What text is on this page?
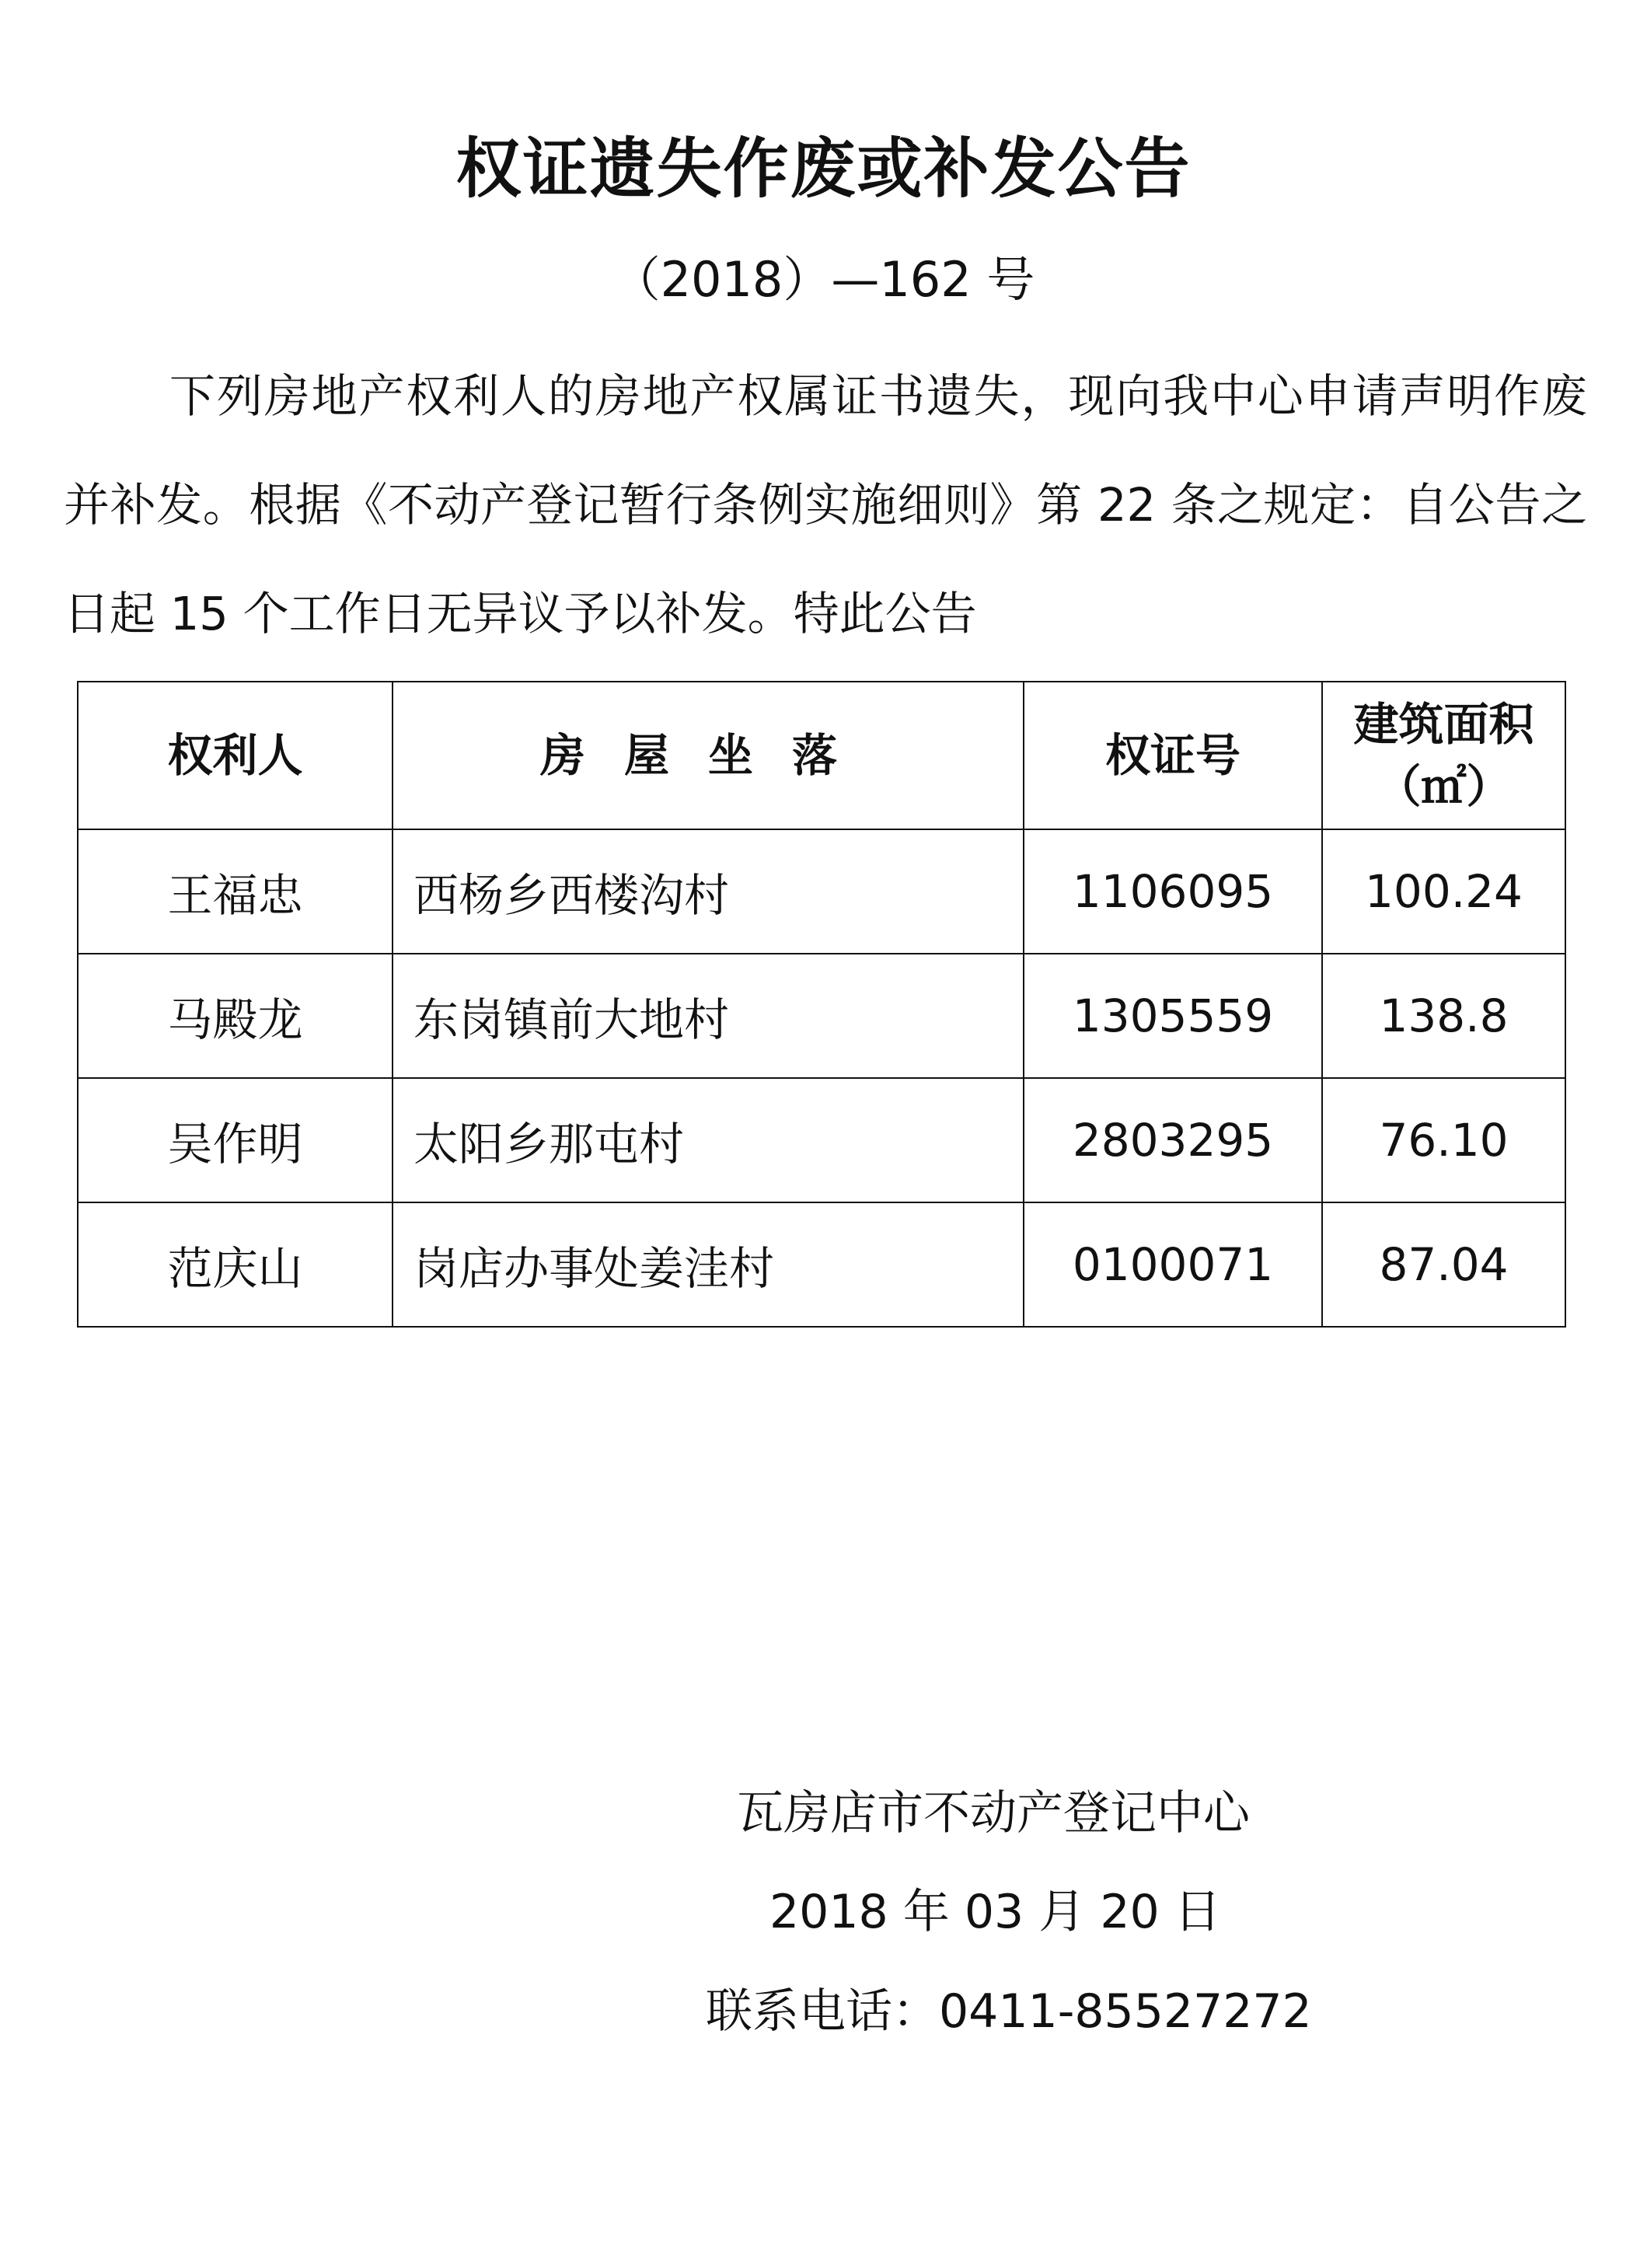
权证遗失作废或补发公告
（2018）—162 号
下列房地产权利人的房地产权属证书遗失，现向我中心申请声明作废并补发。根据《不动产登记暂行条例实施细则》第 22 条之规定：自公告之日起 15 个工作日无异议予以补发。特此公告
权利人	房屋坐落	权证号	建筑面积
（㎡）

王福忠	西杨乡西楼沟村	1106095	100.24
马殿龙	东岗镇前大地村	1305559	138.8
吴作明	太阳乡那屯村	2803295	76.10
范庆山	岗店办事处姜洼村	0100071	87.04
瓦房店市不动产登记中心
2018 年 03 月 20 日
联系电话：0411-85527272
